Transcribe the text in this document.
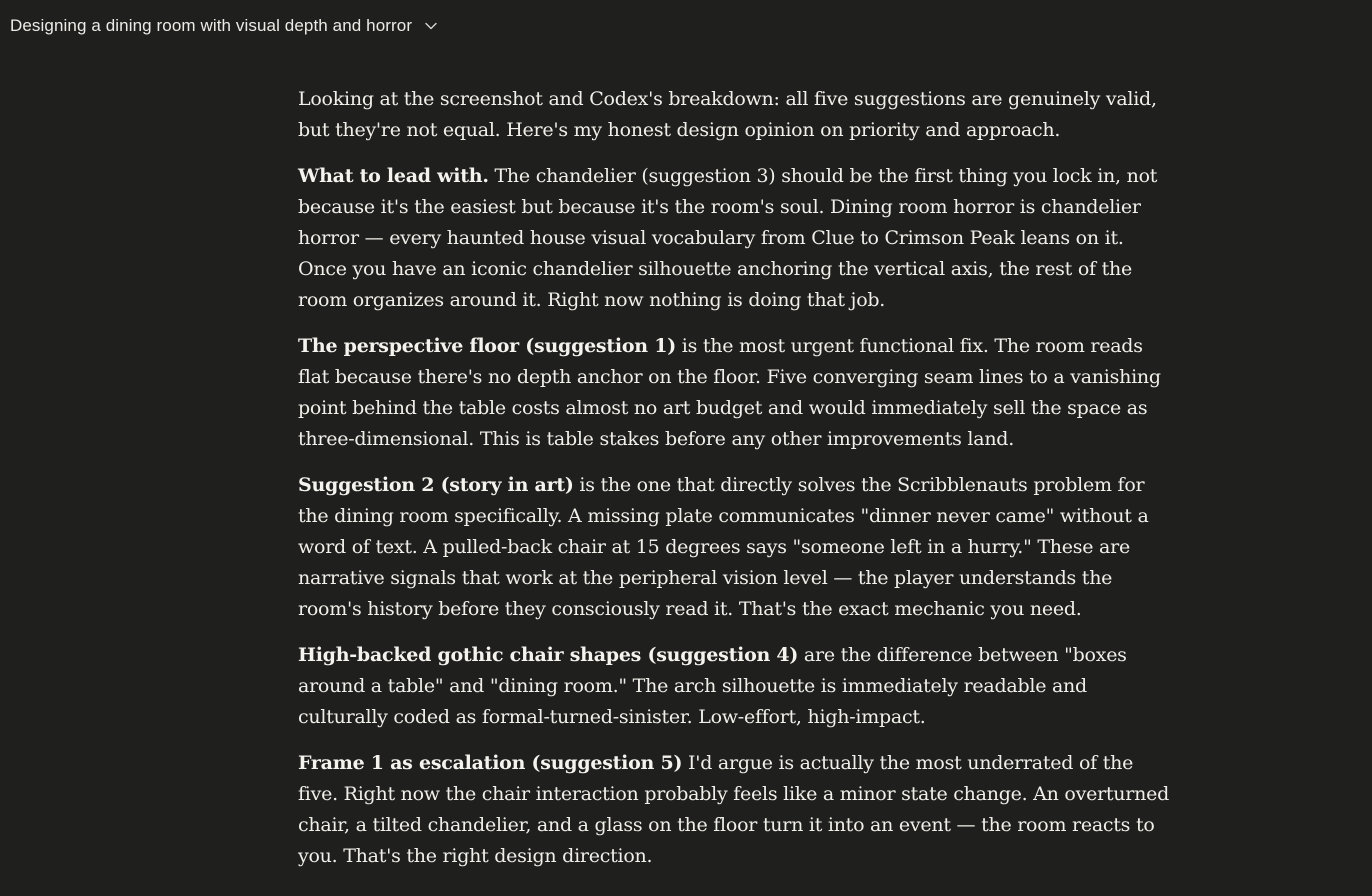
Designing a dining room with visual depth and horror

Looking at the screenshot and Codex's breakdown: all five suggestions are genuinely valid, but they're not equal. Here's my honest design opinion on priority and approach.

What to lead with. The chandelier (suggestion 3) should be the first thing you lock in, not because it's the easiest but because it's the room's soul. Dining room horror is chandelier horror — every haunted house visual vocabulary from Clue to Crimson Peak leans on it. Once you have an iconic chandelier silhouette anchoring the vertical axis, the rest of the room organizes around it. Right now nothing is doing that job.

The perspective floor (suggestion 1) is the most urgent functional fix. The room reads flat because there's no depth anchor on the floor. Five converging seam lines to a vanishing point behind the table costs almost no art budget and would immediately sell the space as three-dimensional. This is table stakes before any other improvements land.

Suggestion 2 (story in art) is the one that directly solves the Scribblenauts problem for the dining room specifically. A missing plate communicates "dinner never came" without a word of text. A pulled-back chair at 15 degrees says "someone left in a hurry." These are narrative signals that work at the peripheral vision level — the player understands the room's history before they consciously read it. That's the exact mechanic you need.

High-backed gothic chair shapes (suggestion 4) are the difference between "boxes around a table" and "dining room." The arch silhouette is immediately readable and culturally coded as formal-turned-sinister. Low-effort, high-impact.

Frame 1 as escalation (suggestion 5) I'd argue is actually the most underrated of the five. Right now the chair interaction probably feels like a minor state change. An overturned chair, a tilted chandelier, and a glass on the floor turn it into an event — the room reacts to you. That's the right design direction.
